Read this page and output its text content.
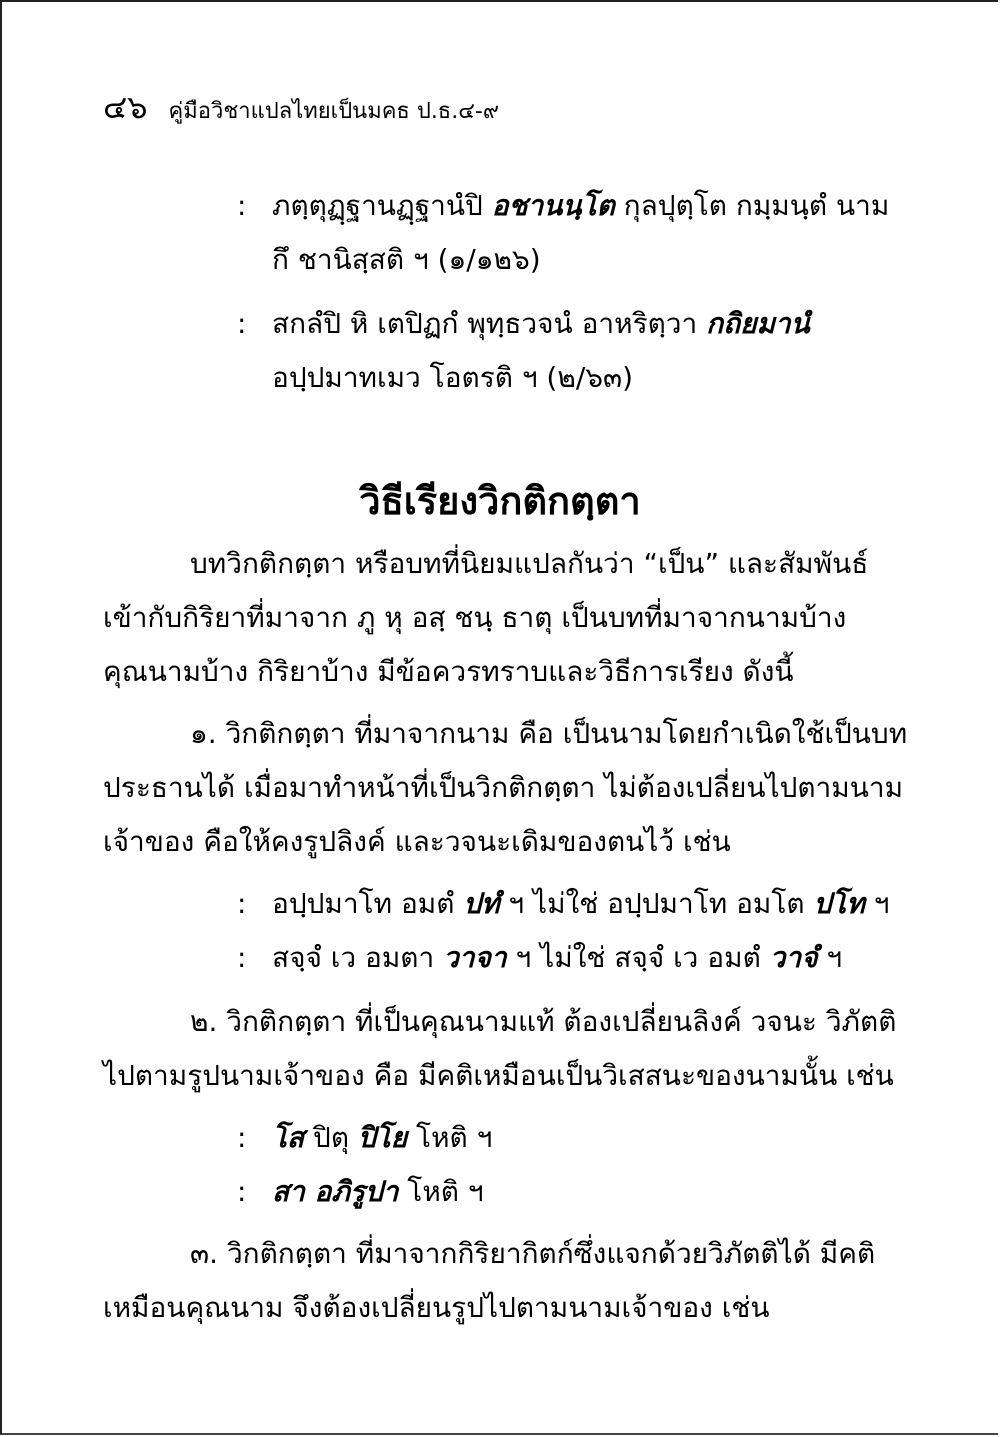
๔๖ คู่มือวิชาแปลไทยเป็นมคธ ป.ธ.๔-๙
: ภตฺตุฏฺฐานฏฺฐานํปิ อชานนฺโต กุลปุตฺโต กมฺมนฺตํ นาม
กึ ชานิสฺสติ ฯ (๑/๑๒๖)
: สกลํปิ หิ เตปิฏกํ พุทฺธวจนํ อาหริตฺวา กถิยมานํ
อปฺปมาทเมว โอตรติ ฯ (๒/๖๓)
วิธีเรียงวิกติกตฺตา
บทวิกติกตฺตา หรือบทที่นิยมแปลกันว่า “เป็น” และสัมพันธ์
เข้ากับกิริยาที่มาจาก ภู หุ อสฺ ชนฺ ธาตุ เป็นบทที่มาจากนามบ้าง
คุณนามบ้าง กิริยาบ้าง มีข้อควรทราบและวิธีการเรียง ดังนี้
๑. วิกติกตฺตา ที่มาจากนาม คือ เป็นนามโดยกำเนิดใช้เป็นบท
ประธานได้ เมื่อมาทำหน้าที่เป็นวิกติกตฺตา ไม่ต้องเปลี่ยนไปตามนาม
เจ้าของ คือให้คงรูปลิงค์ และวจนะเดิมของตนไว้ เช่น
: อปฺปมาโท อมตํ ปทํ ฯ ไม่ใช่ อปฺปมาโท อมโต ปโท ฯ
: สจฺจํ เว อมตา วาจา ฯ ไม่ใช่ สจฺจํ เว อมตํ วาจํ ฯ
๒. วิกติกตฺตา ที่เป็นคุณนามแท้ ต้องเปลี่ยนลิงค์ วจนะ วิภัตติ
ไปตามรูปนามเจ้าของ คือ มีคติเหมือนเป็นวิเสสนะของนามนั้น เช่น
: โส ปิตุ ปิโย โหติ ฯ
: สา อภิรูปา โหติ ฯ
๓. วิกติกตฺตา ที่มาจากกิริยากิตก์ซึ่งแจกด้วยวิภัตติได้ มีคติ
เหมือนคุณนาม จึงต้องเปลี่ยนรูปไปตามนามเจ้าของ เช่น
